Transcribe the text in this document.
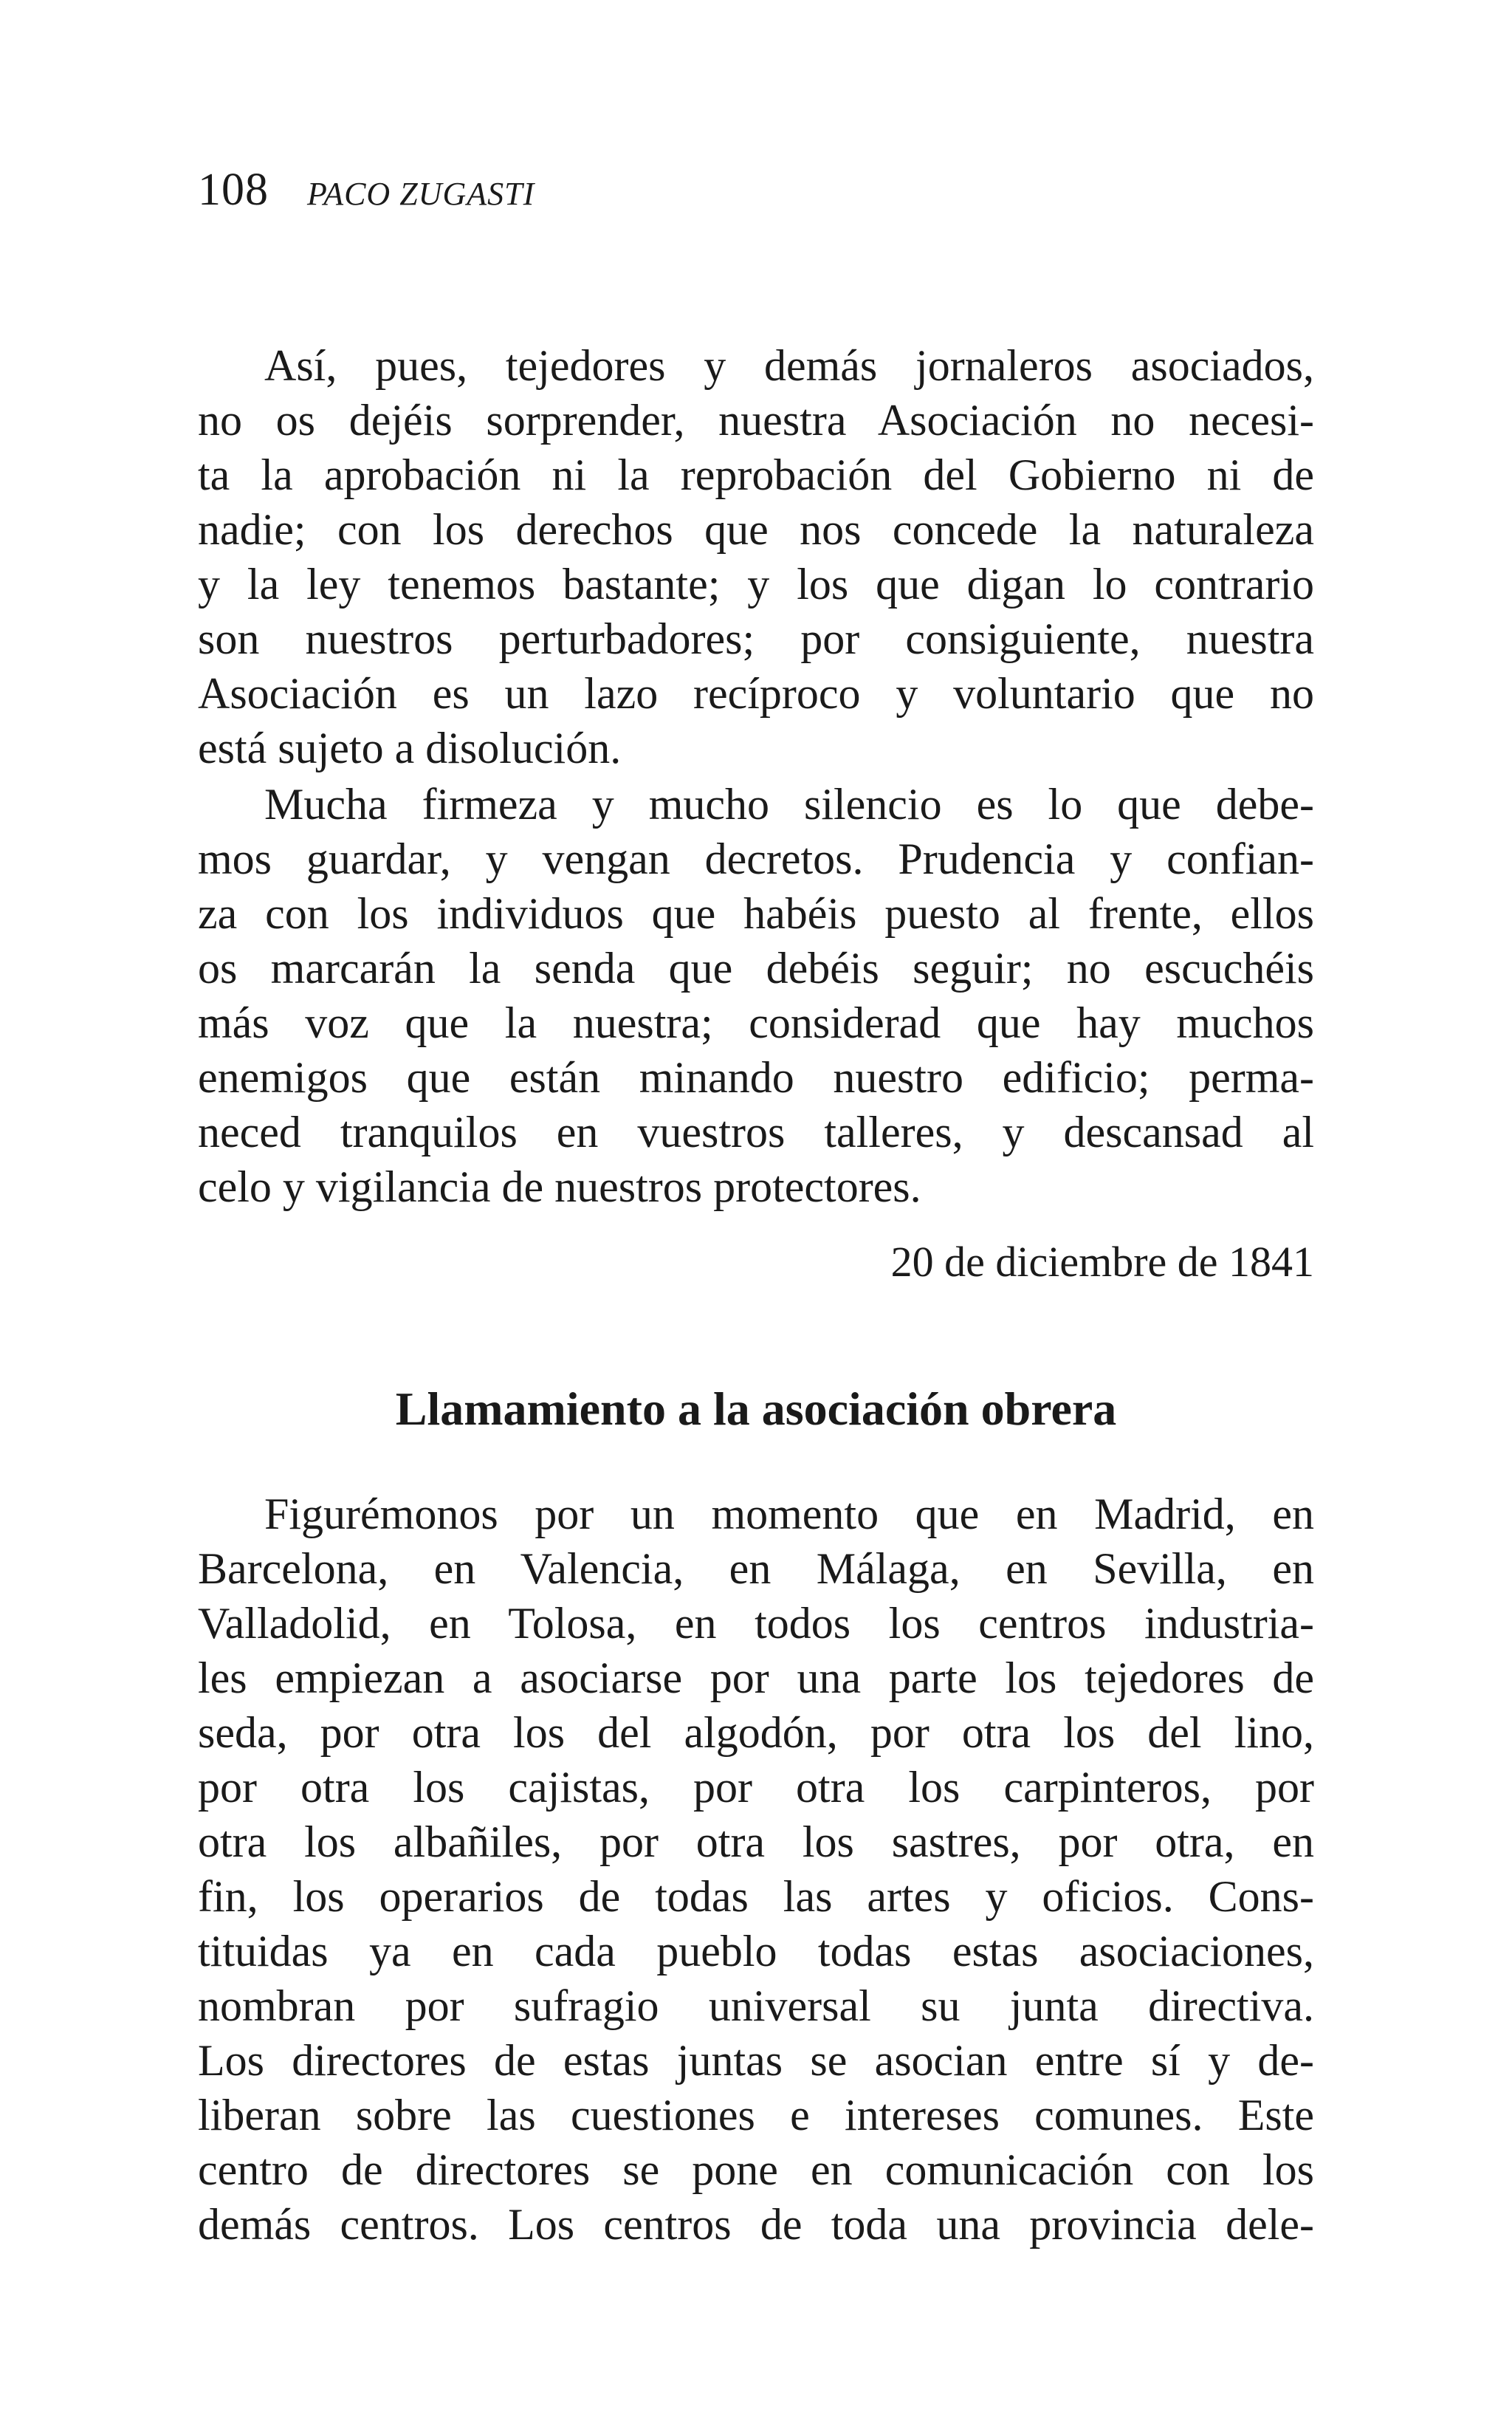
108 PACO ZUGASTI
Así, pues, tejedores y demás jornaleros asociados,
no os dejéis sorprender, nuestra Asociación no necesi-
ta la aprobación ni la reprobación del Gobierno ni de
nadie; con los derechos que nos concede la naturaleza
y la ley tenemos bastante; y los que digan lo contrario
son nuestros perturbadores; por consiguiente, nuestra
Asociación es un lazo recíproco y voluntario que no
está sujeto a disolución.
Mucha firmeza y mucho silencio es lo que debe-
mos guardar, y vengan decretos. Prudencia y confian-
za con los individuos que habéis puesto al frente, ellos
os marcarán la senda que debéis seguir; no escuchéis
más voz que la nuestra; considerad que hay muchos
enemigos que están minando nuestro edificio; perma-
neced tranquilos en vuestros talleres, y descansad al
celo y vigilancia de nuestros protectores.
20 de diciembre de 1841
Llamamiento a la asociación obrera
Figurémonos por un momento que en Madrid, en
Barcelona, en Valencia, en Málaga, en Sevilla, en
Valladolid, en Tolosa, en todos los centros industria-
les empiezan a asociarse por una parte los tejedores de
seda, por otra los del algodón, por otra los del lino,
por otra los cajistas, por otra los carpinteros, por
otra los albañiles, por otra los sastres, por otra, en
fin, los operarios de todas las artes y oficios. Cons-
tituidas ya en cada pueblo todas estas asociaciones,
nombran por sufragio universal su junta directiva.
Los directores de estas juntas se asocian entre sí y de-
liberan sobre las cuestiones e intereses comunes. Este
centro de directores se pone en comunicación con los
demás centros. Los centros de toda una provincia dele-
